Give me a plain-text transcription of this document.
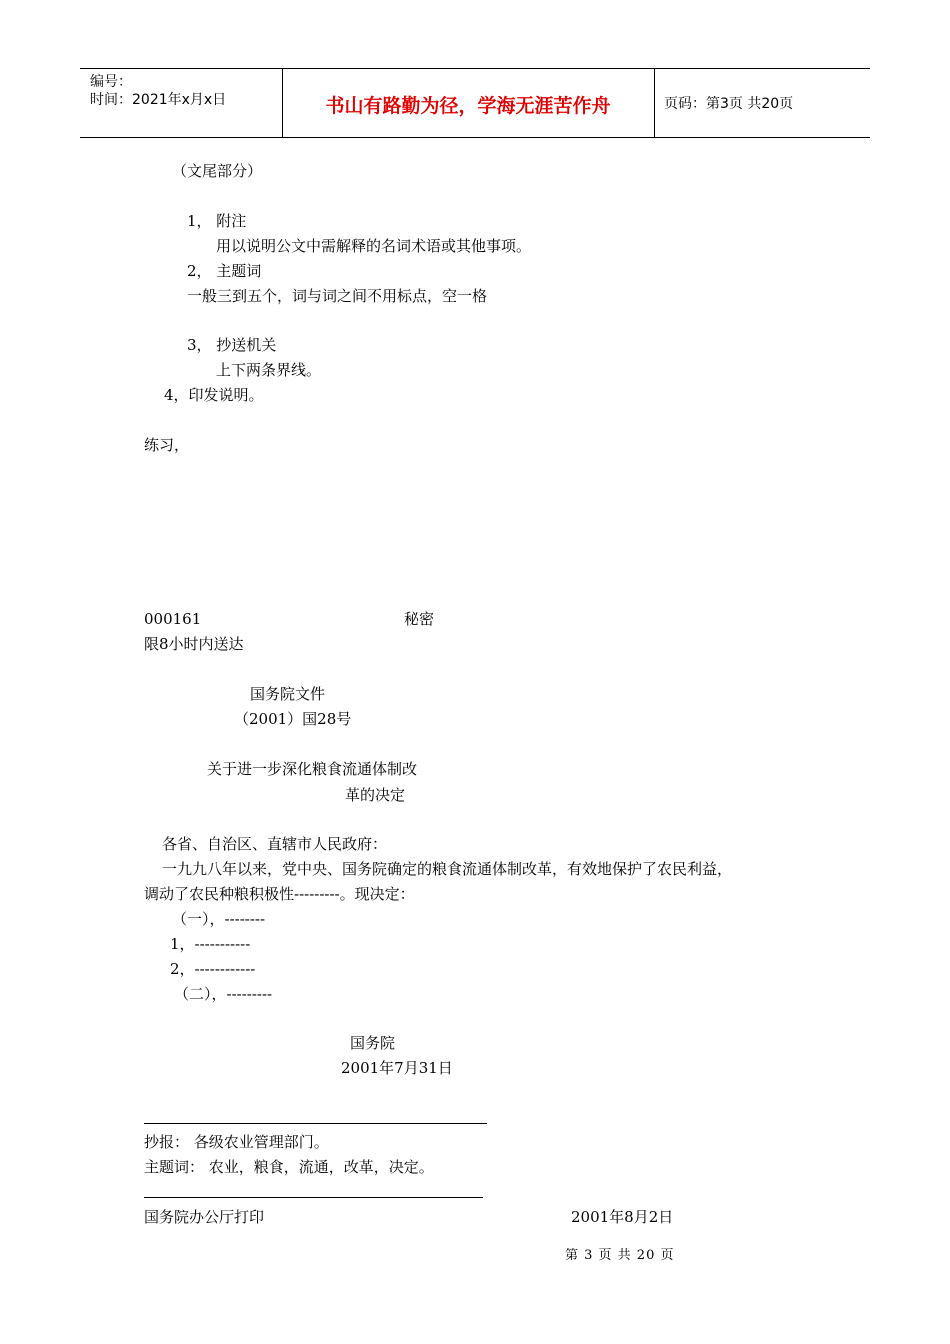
编号：
时间：2021年x月x日	书山有路勤为径，学海无涯苦作舟	页码：第3页 共20页
（文尾部分）
1， 附注
用以说明公文中需解释的名词术语或其他事项。
2， 主题词
一般三到五个，词与词之间不用标点，空一格
3， 抄送机关
上下两条界线。
4，印发说明。
练习，
000161	秘密
限8小时内送达
国务院文件
（2001）国28号
关于进一步深化粮食流通体制改
革的决定
各省、自治区、直辖市人民政府：
一九九八年以来，党中央、国务院确定的粮食流通体制改革，有效地保护了农民利益，
调动了农民种粮积极性---------。现决定：
（一），--------
1，-----------
2，------------
（二），---------
国务院
2001年7月31日
抄报： 各级农业管理部门。
主题词： 农业，粮食，流通，改革，决定。
国务院办公厅打印	2001年8月2日
第 3 页 共 20 页
